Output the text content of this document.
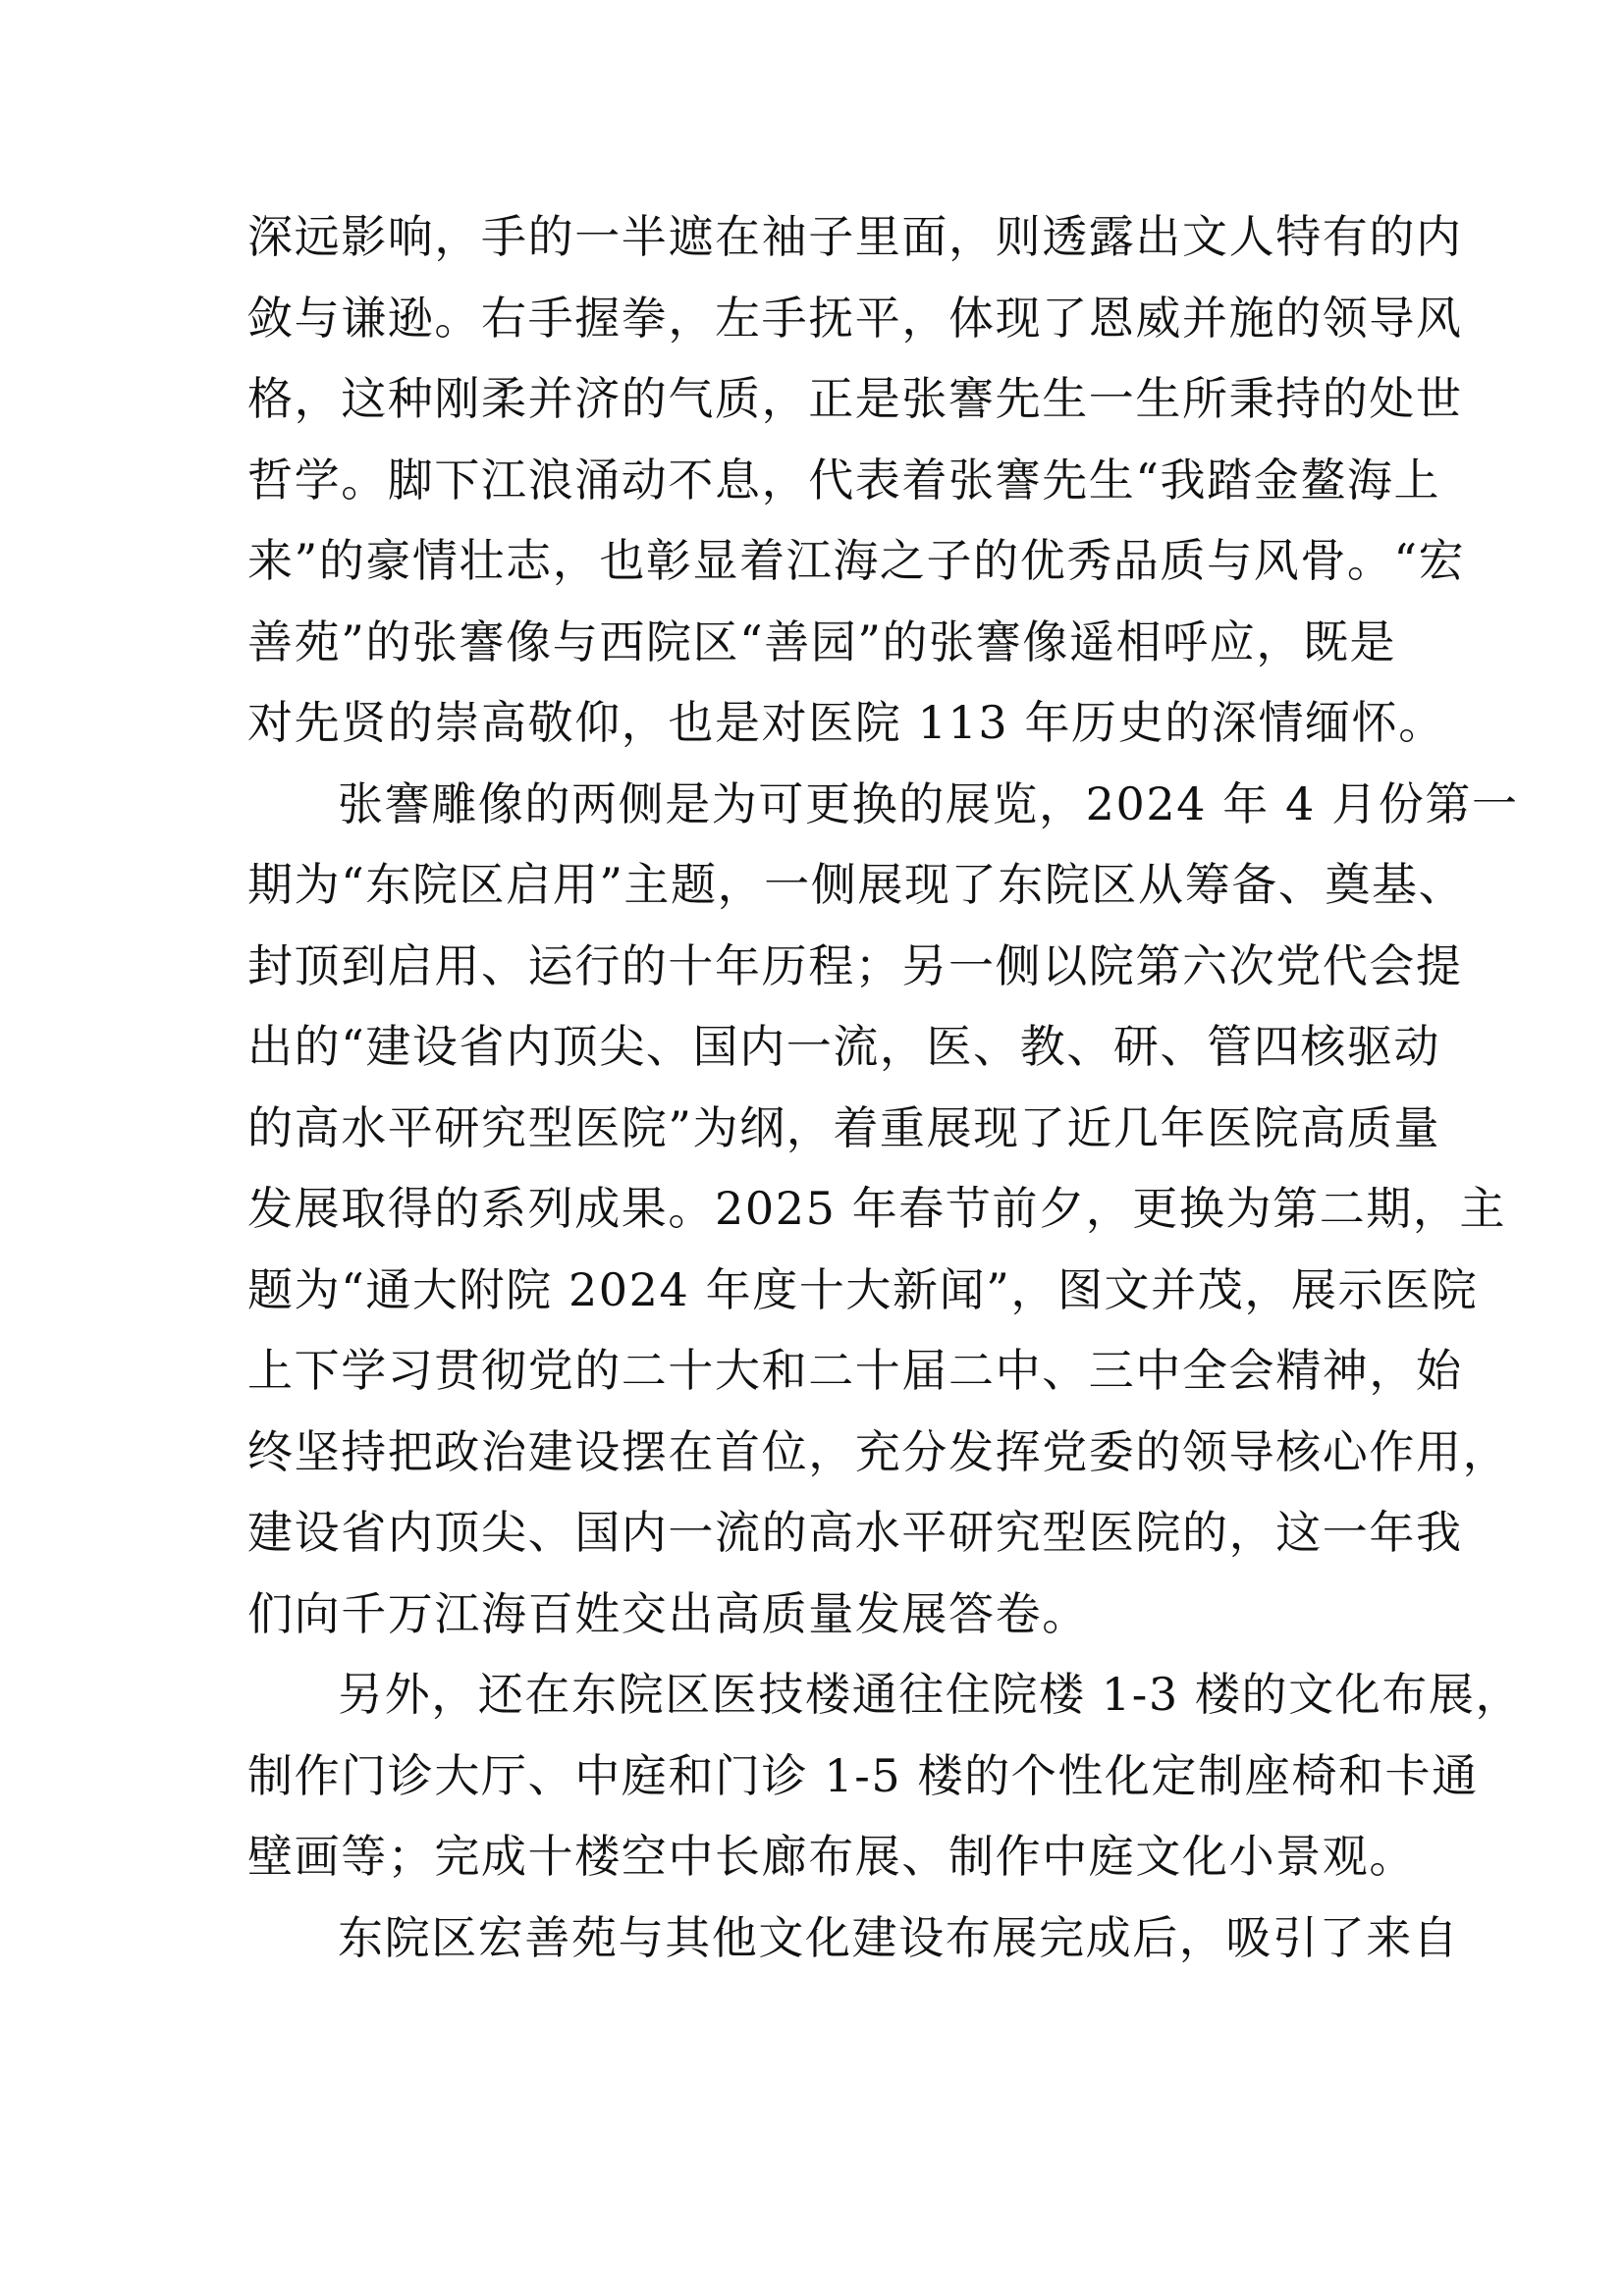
深远影响，手的一半遮在袖子里面，则透露出文人特有的内
敛与谦逊。右手握拳，左手抚平，体现了恩威并施的领导风
格，这种刚柔并济的气质，正是张謇先生一生所秉持的处世
哲学。脚下江浪涌动不息，代表着张謇先生“我踏金鳌海上
来”的豪情壮志，也彰显着江海之子的优秀品质与风骨。“宏
善苑”的张謇像与西院区“善园”的张謇像遥相呼应，既是
对先贤的崇高敬仰，也是对医院 113 年历史的深情缅怀。
张謇雕像的两侧是为可更换的展览，2024 年 4 月份第一
期为“东院区启用”主题，一侧展现了东院区从筹备、奠基、
封顶到启用、运行的十年历程；另一侧以院第六次党代会提
出的“建设省内顶尖、国内一流，医、教、研、管四核驱动
的高水平研究型医院”为纲，着重展现了近几年医院高质量
发展取得的系列成果。2025 年春节前夕，更换为第二期，主
题为“通大附院 2024 年度十大新闻”，图文并茂，展示医院
上下学习贯彻党的二十大和二十届二中、三中全会精神，始
终坚持把政治建设摆在首位，充分发挥党委的领导核心作用，
建设省内顶尖、国内一流的高水平研究型医院的，这一年我
们向千万江海百姓交出高质量发展答卷。
另外，还在东院区医技楼通往住院楼 1-3 楼的文化布展，
制作门诊大厅、中庭和门诊 1-5 楼的个性化定制座椅和卡通
壁画等；完成十楼空中长廊布展、制作中庭文化小景观。
东院区宏善苑与其他文化建设布展完成后，吸引了来自
